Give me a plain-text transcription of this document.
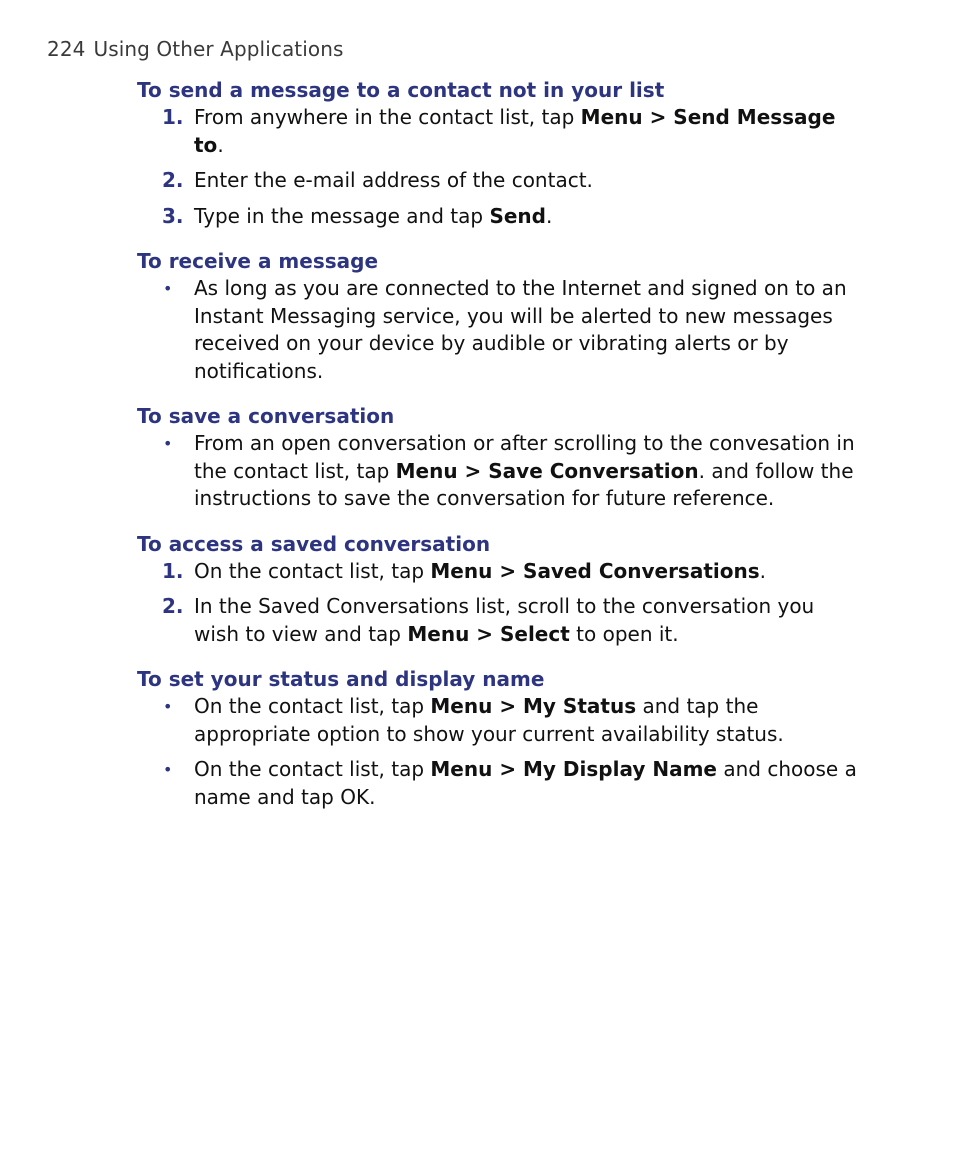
224 Using Other Applications
To send a message to a contact not in your list
1. From anywhere in the contact list, tap Menu > Send Message to.
2. Enter the e-mail address of the contact.
3. Type in the message and tap Send.
To receive a message
• As long as you are connected to the Internet and signed on to an Instant Messaging service, you will be alerted to new messages received on your device by audible or vibrating alerts or by notifications.
To save a conversation
• From an open conversation or after scrolling to the convesation in the contact list, tap Menu > Save Conversation. and follow the instructions to save the conversation for future reference.
To access a saved conversation
1. On the contact list, tap Menu > Saved Conversations.
2. In the Saved Conversations list, scroll to the conversation you wish to view and tap Menu > Select to open it.
To set your status and display name
• On the contact list, tap Menu > My Status and tap the appropriate option to show your current availability status.
• On the contact list, tap Menu > My Display Name and choose a name and tap OK.
